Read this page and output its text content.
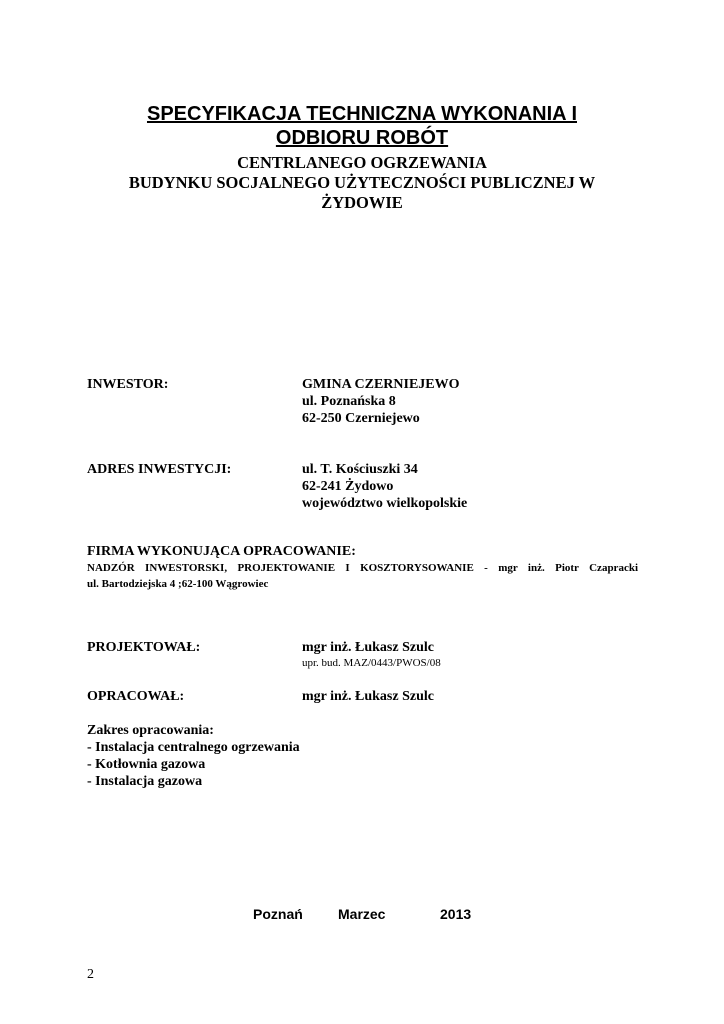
SPECYFIKACJA TECHNICZNA WYKONANIA I
ODBIORU ROBÓT
CENTRLANEGO OGRZEWANIA
BUDYNKU SOCJALNEGO UŻYTECZNOŚCI PUBLICZNEJ W
ŻYDOWIE
INWESTOR:	GMINA CZERNIEJEWO
ul. Poznańska 8
62-250 Czerniejewo
ADRES INWESTYCJI:	ul. T. Kościuszki 34
62-241 Żydowo
województwo wielkopolskie
FIRMA WYKONUJĄCA OPRACOWANIE:
NADZÓR INWESTORSKI, PROJEKTOWANIE I KOSZTORYSOWANIE - mgr inż. Piotr Czapracki
ul. Bartodziejska 4 ;62-100 Wągrowiec
PROJEKTOWAŁ:	mgr inż. Łukasz Szulc
upr. bud. MAZ/0443/PWOS/08
OPRACOWAŁ:	mgr inż. Łukasz Szulc
Zakres opracowania:
- Instalacja centralnego ogrzewania
- Kotłownia gazowa
- Instalacja gazowa
Poznań	Marzec	2013
2
